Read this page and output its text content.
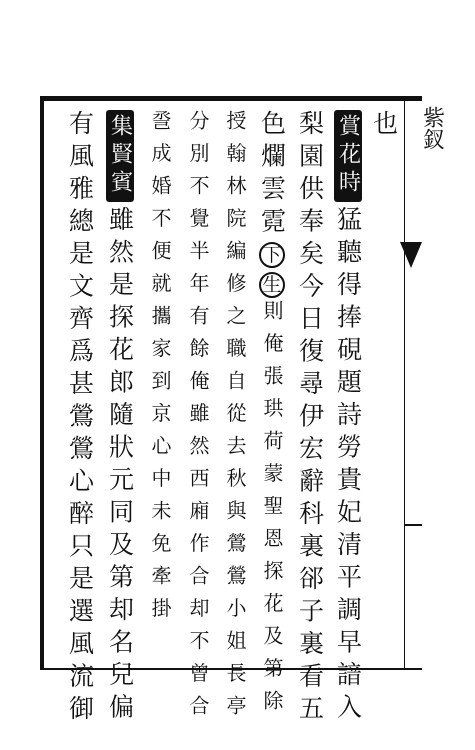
紫釵
也
賞花時
猛聽得捧硯題詩勞貴妃清平調早諳入
梨園供奉矣今日復尋伊宏辭科裏郤子裏看五
色爛雲霓
下
生
則俺張珙荷蒙聖恩探花及第除
授翰林院編修之職自從去秋與鶯鶯小姐長亭
分別不覺半年有餘俺雖然西廂作合却不曾合
巹成婚不便就攜家到京心中未免牽掛
集賢賓
雖然是探花郎隨狀元同及第却名兒偏
有風雅總是文齊爲甚鶯鶯心醉只是選風流御
